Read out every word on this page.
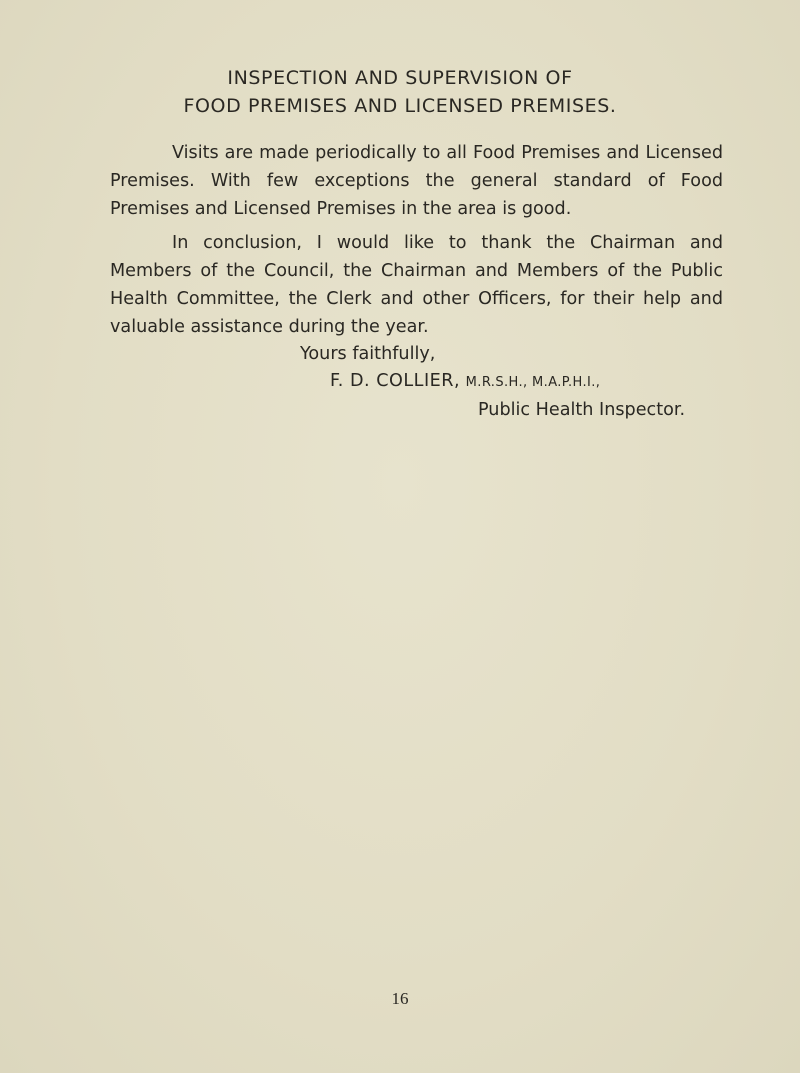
INSPECTION AND SUPERVISION OF
FOOD PREMISES AND LICENSED PREMISES.

Visits are made periodically to all Food Premises and Licensed Premises. With few exceptions the general standard of Food Premises and Licensed Premises in the area is good.

In conclusion, I would like to thank the Chairman and Members of the Council, the Chairman and Members of the Public Health Committee, the Clerk and other Officers, for their help and valuable assistance during the year.

Yours faithfully,
F. D. COLLIER, M.R.S.H., M.A.P.H.I.,
Public Health Inspector.
16
